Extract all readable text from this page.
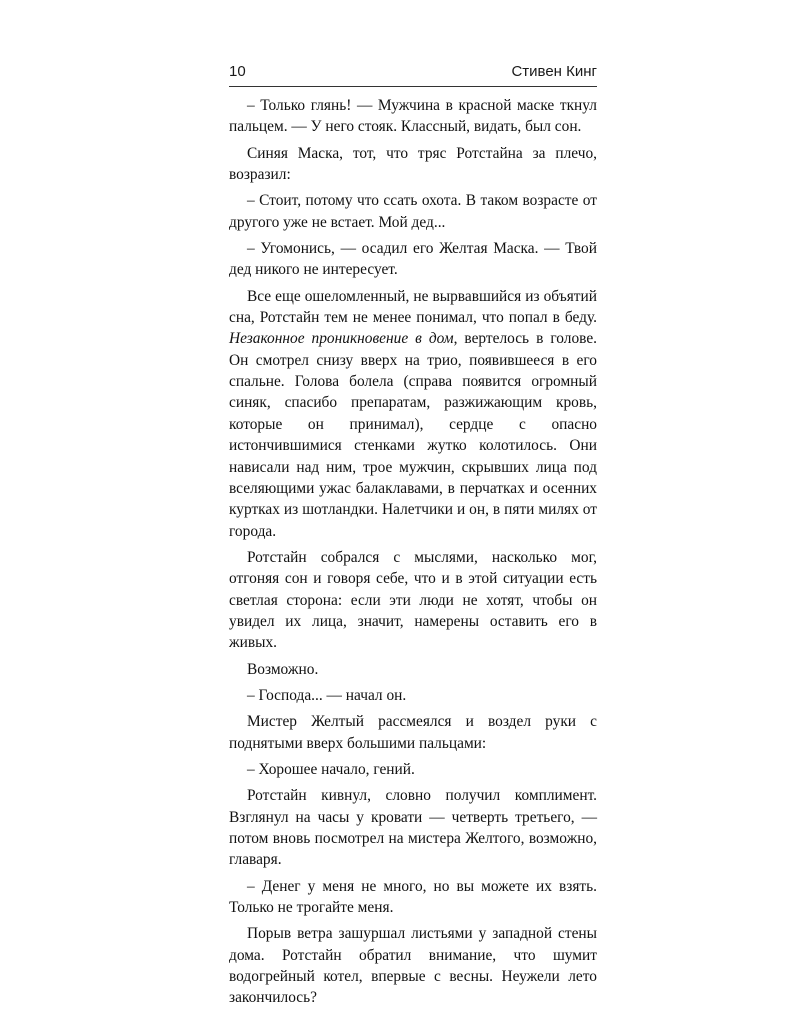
10	Стивен Кинг

– Только глянь! — Мужчина в красной маске ткнул пальцем. — У него стояк. Классный, видать, был сон.

Синяя Маска, тот, что тряс Ротстайна за плечо, возразил:

– Стоит, потому что ссать охота. В таком возрасте от другого уже не встает. Мой дед...

– Угомонись, — осадил его Желтая Маска. — Твой дед никого не интересует.

Все еще ошеломленный, не вырвавшийся из объятий сна, Ротстайн тем не менее понимал, что попал в беду. Незаконное проникновение в дом, вертелось в голове. Он смотрел снизу вверх на трио, появившееся в его спальне. Голова болела (справа появится огромный синяк, спасибо препаратам, разжижающим кровь, которые он принимал), сердце с опасно истончившимися стенками жутко колотилось. Они нависали над ним, трое мужчин, скрывших лица под вселяющими ужас балаклавами, в перчатках и осенних куртках из шотландки. Налетчики и он, в пяти милях от города.

Ротстайн собрался с мыслями, насколько мог, отгоняя сон и говоря себе, что и в этой ситуации есть светлая сторона: если эти люди не хотят, чтобы он увидел их лица, значит, намерены оставить его в живых.

Возможно.

– Господа... — начал он.

Мистер Желтый рассмеялся и воздел руки с поднятыми вверх большими пальцами:

– Хорошее начало, гений.

Ротстайн кивнул, словно получил комплимент. Взглянул на часы у кровати — четверть третьего, — потом вновь посмотрел на мистера Желтого, возможно, главаря.

– Денег у меня не много, но вы можете их взять. Только не трогайте меня.

Порыв ветра зашуршал листьями у западной стены дома. Ротстайн обратил внимание, что шумит водогрейный котел, впервые с весны. Неужели лето закончилось?
